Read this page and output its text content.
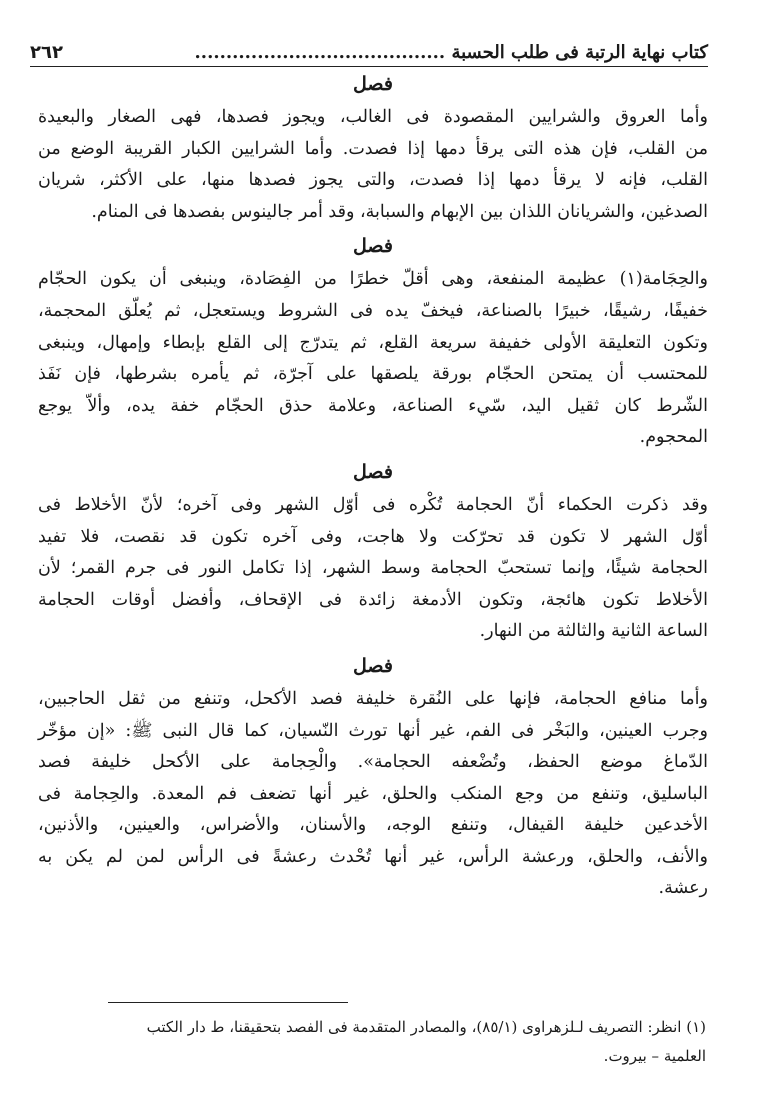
كتاب نهاية الرتبة فى طلب الحسبة ........................................
٢٦٢
فصل
وأما العروق والشرايين المقصودة فى الغالب، ويجوز فصدها، فهى الصغار والبعيدة
من القلب، فإن هذه التى يرقأ دمها إذا فصدت. وأما الشرايين الكبار القريبة الوضع من
القلب، فإنه لا يرقأ دمها إذا فصدت، والتى يجوز فصدها منها، على الأكثر، شريان
الصدغين، والشريانان اللذان بين الإبهام والسبابة، وقد أمر جالينوس بفصدها فى المنام.
فصل
والحِجَامة(١) عظيمة المنفعة، وهى أقلّ خطرًا من الفِصَادة، وينبغى أن يكون الحجّام
خفيفًا، رشيقًا، خبيرًا بالصناعة، فيخفّ يده فى الشروط ويستعجل، ثم يُعلّق المحجمة،
وتكون التعليقة الأولى خفيفة سريعة القلع، ثم يتدرّج إلى القلع بإبطاء وإمهال، وينبغى
للمحتسب أن يمتحن الحجّام بورقة يلصقها على آجرّة، ثم يأمره بشرطها، فإن نَفَذ
الشّرط كان ثقيل اليد، سّيء الصناعة، وعلامة حذق الحجّام خفة يده، وألاّ يوجع
المحجوم.
فصل
وقد ذكرت الحكماء أنّ الحجامة تُكْره فى أوّل الشهر وفى آخره؛ لأنّ الأخلاط فى
أوّل الشهر لا تكون قد تحرّكت ولا هاجت، وفى آخره تكون قد نقصت، فلا تفيد
الحجامة شيئًا، وإنما تستحبّ الحجامة وسط الشهر، إذا تكامل النور فى جرم القمر؛ لأن
الأخلاط تكون هائجة، وتكون الأدمغة زائدة فى الإقحاف، وأفضل أوقات الحجامة
الساعة الثانية والثالثة من النهار.
فصل
وأما منافع الحجامة، فإنها على النُقرة خليفة فصد الأكحل، وتنفع من ثقل الحاجبين،
وجرب العينين، والبَخْر فى الفم، غير أنها تورث النّسيان، كما قال النبى ﷺ: «إن مؤخّر
الدّماغ موضع الحفظ، وتُضْعفه الحجامة». والْحِجامة على الأكحل خليفة فصد
الباسليق، وتنفع من وجع المنكب والحلق، غير أنها تضعف فم المعدة. والحِجامة فى
الأخدعين خليفة القيفال، وتنفع الوجه، والأسنان، والأضراس، والعينين، والأذنين،
والأنف، والحلق، ورعشة الرأس، غير أنها تُحْدث رعشةً فى الرأس لمن لم يكن به
رعشة.
(١) انظر: التصريف لـلزهراوى (٨٥/١)، والمصادر المتقدمة فى الفصد بتحقيقنا، ط دار الكتب
العلمية – بيروت.
